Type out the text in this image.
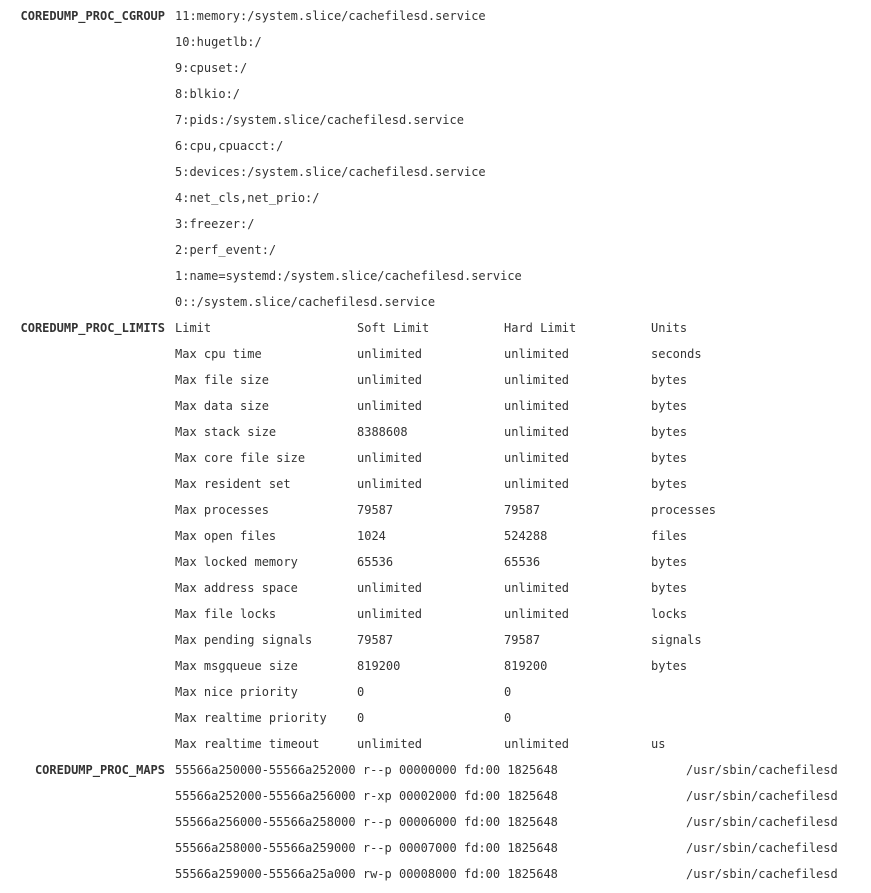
COREDUMP_PROC_CGROUP 11:memory:/system.slice/cachefilesd.service
10:hugetlb:/
9:cpuset:/
8:blkio:/
7:pids:/system.slice/cachefilesd.service
6:cpu,cpuacct:/
5:devices:/system.slice/cachefilesd.service
4:net_cls,net_prio:/
3:freezer:/
2:perf_event:/
1:name=systemd:/system.slice/cachefilesd.service
0::/system.slice/cachefilesd.service
COREDUMP_PROC_LIMITS Limit	Soft Limit	Hard Limit	Units
Max cpu time	unlimited	unlimited	seconds
Max file size	unlimited	unlimited	bytes
Max data size	unlimited	unlimited	bytes
Max stack size	8388608	unlimited	bytes
Max core file size	unlimited	unlimited	bytes
Max resident set	unlimited	unlimited	bytes
Max processes	79587	79587	processes
Max open files	1024	524288	files
Max locked memory	65536	65536	bytes
Max address space	unlimited	unlimited	bytes
Max file locks	unlimited	unlimited	locks
Max pending signals	79587	79587	signals
Max msgqueue size	819200	819200	bytes
Max nice priority	0	0
Max realtime priority	0	0
Max realtime timeout	unlimited	unlimited	us
COREDUMP_PROC_MAPS 55566a250000-55566a252000 r--p 00000000 fd:00 1825648	/usr/sbin/cachefilesd
55566a252000-55566a256000 r-xp 00002000 fd:00 1825648	/usr/sbin/cachefilesd
55566a256000-55566a258000 r--p 00006000 fd:00 1825648	/usr/sbin/cachefilesd
55566a258000-55566a259000 r--p 00007000 fd:00 1825648	/usr/sbin/cachefilesd
55566a259000-55566a25a000 rw-p 00008000 fd:00 1825648	/usr/sbin/cachefilesd
